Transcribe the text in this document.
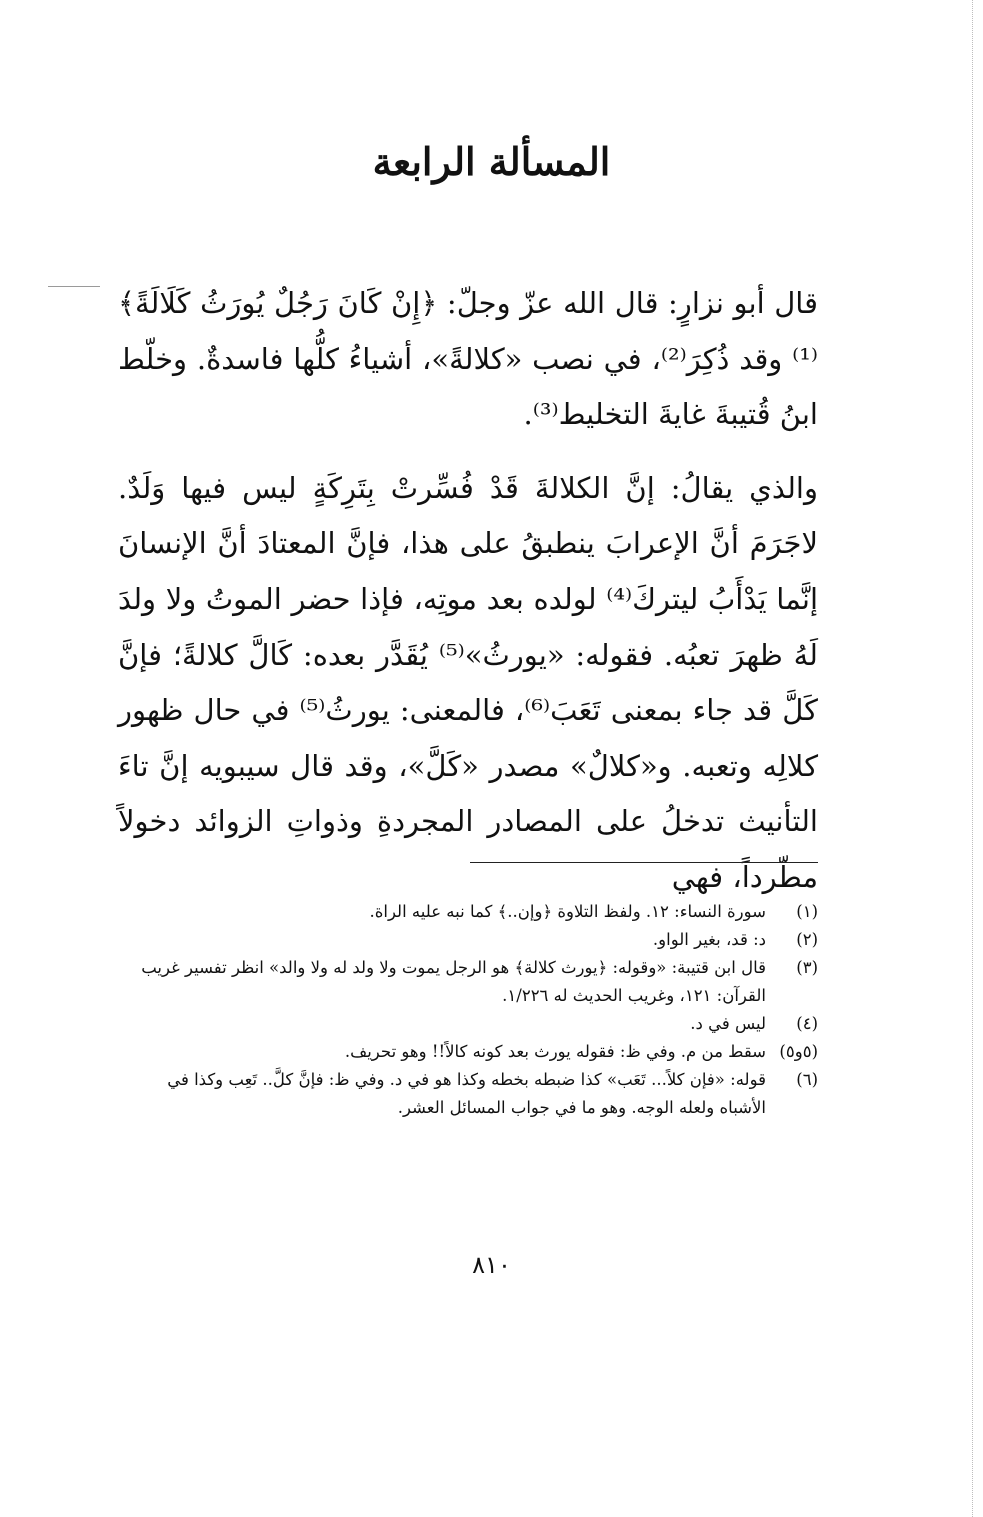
المسألة الرابعة

قال أبو نزارٍ: قال الله عزّ وجلّ: ﴿إِنْ كَانَ رَجُلٌ يُورَثُ كَلَالَةً﴾⁽¹⁾ وقد ذُكِرَ⁽²⁾، في نصب «كلالةً»، أشياءُ كلُّها فاسدةٌ. وخلّط ابنُ قُتيبةَ غايةَ التخليط⁽³⁾.

والذي يقالُ: إنَّ الكلالةَ قَدْ فُسِّرتْ بِتَرِكَةٍ ليس فيها وَلَدٌ. لاجَرَمَ أنَّ الإعرابَ ينطبقُ على هذا، فإنَّ المعتادَ أنَّ الإنسانَ إنَّما يَدْأَبُ ليتركَ⁽⁴⁾ لولده بعد موتِه، فإذا حضر الموتُ ولا ولدَ لَهُ ظهرَ تعبُه. فقوله: «يورثُ»⁽⁵⁾ يُقَدَّر بعده: كَالَّ كلالةً؛ فإنَّ كَلَّ قد جاء بمعنى تَعَبَ⁽⁶⁾، فالمعنى: يورثُ⁽⁵⁾ في حال ظهور كلالِه وتعبه. و«كلالٌ» مصدر «كَلَّ»، وقد قال سيبويه إنَّ تاءَ التأنيث تدخلُ على المصادر المجردةِ وذواتِ الزوائد دخولاً مطّرداً، فهي

(١)
سورة النساء: ١٢. ولفظ التلاوة ﴿وإن..﴾ كما نبه عليه الراة.
(٢)
د: قد، بغير الواو.
(٣)
قال ابن قتيبة: «وقوله: ﴿يورث كلالة﴾ هو الرجل يموت ولا ولد له ولا والد» انظر تفسير غريب القرآن: ١٢١، وغريب الحديث له ١/٢٢٦.
(٤)
ليس في د.
(٥و٥)
سقط من م. وفي ظ: فقوله يورث بعد كونه كالاً!! وهو تحريف.
(٦)
قوله: «فإن كلاً... تَعَب» كذا ضبطه بخطه وكذا هو في د. وفي ظ: فإنَّ كلَّ.. تَعِب وكذا في الأشباه ولعله الوجه. وهو ما في جواب المسائل العشر.
٨١٠
